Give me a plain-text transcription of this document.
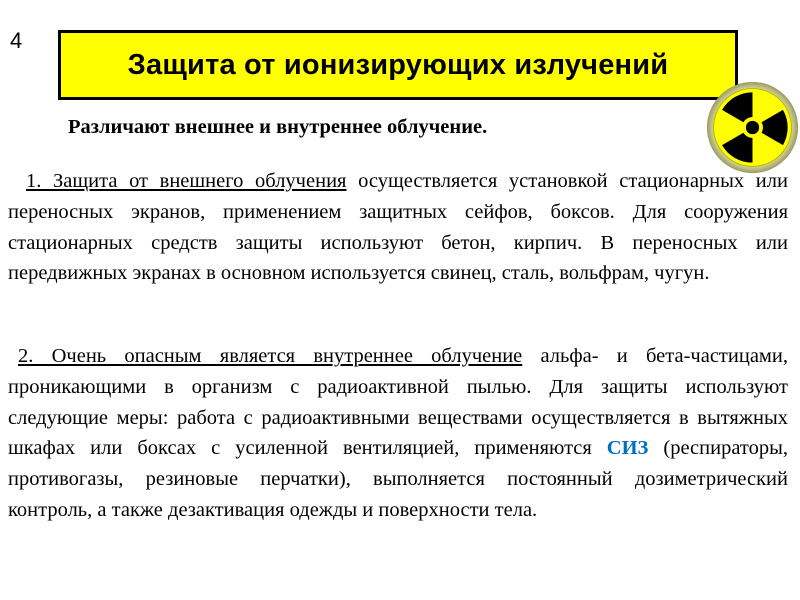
4
Защита от ионизирующих излучений
Различают внешнее и внутреннее облучение.

1. Защита от внешнего облучения осуществляется установкой стационарных или переносных экранов, применением защитных сейфов, боксов. Для сооружения стационарных средств защиты используют бетон, кирпич. В переносных или передвижных экранах в основном используется свинец, сталь, вольфрам, чугун.

2. Очень опасным является внутреннее облучение альфа- и бета-частицами, проникающими в организм с радиоактивной пылью. Для защиты используют следующие меры: работа с радиоактивными веществами осуществляется в вытяжных шкафах или боксах с усиленной вентиляцией, применяются СИЗ (респираторы, противогазы, резиновые перчатки), выполняется постоянный дозиметрический контроль, а также дезактивация одежды и поверхности тела.
